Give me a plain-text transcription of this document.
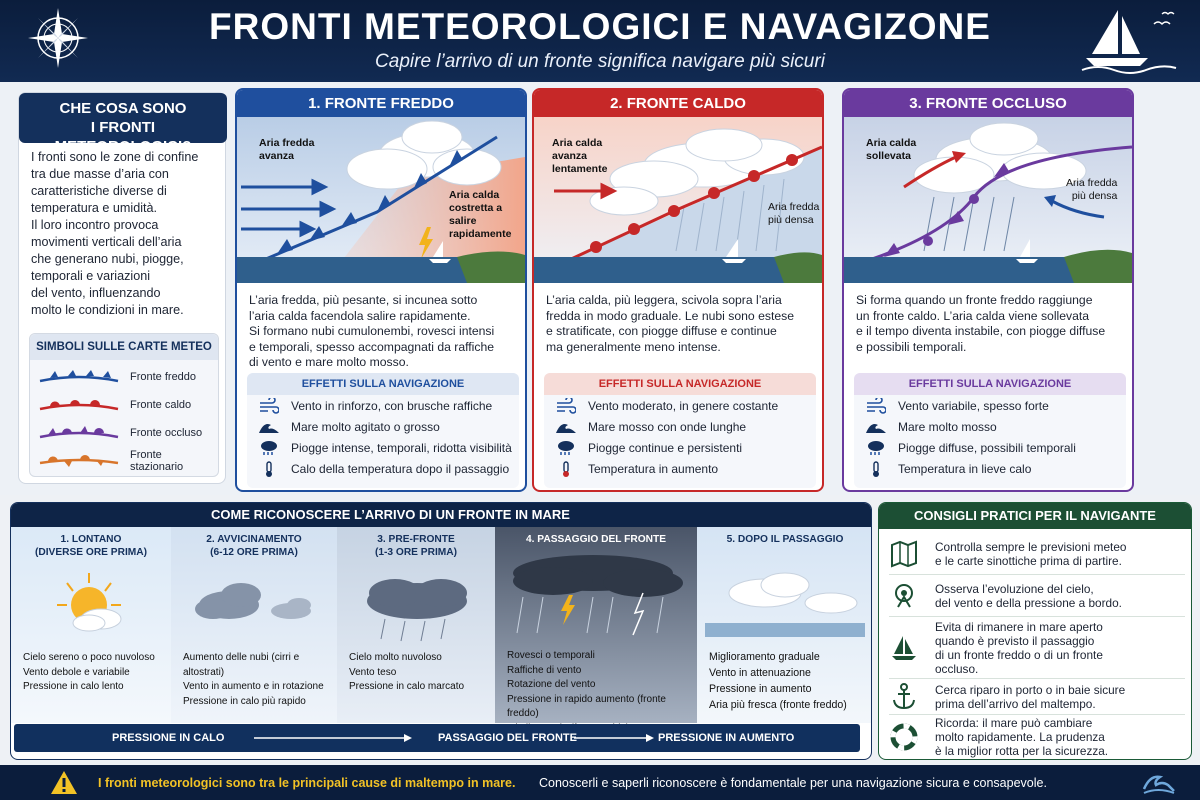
FRONTI METEOROLOGICI E NAVAGIZONE
Capire l’arrivo di un fronte significa navigare più sicuri
CHE COSA SONO
I FRONTI METEOROLOGICI?
I fronti sono le zone di confine
tra due masse d’aria con
caratteristiche diverse di
temperatura e umidità.
Il loro incontro provoca
movimenti verticali dell’aria
che generano nubi, piogge,
temporali e variazioni
del vento, influenzando
molto le condizioni in mare.
SIMBOLI SULLE CARTE METEO
Fronte freddo
Fronte caldo
Fronte occluso
Fronte stazionario
1. FRONTE FREDDO
Aria fredda
avanza
Aria calda
costretta a salire
rapidamente
L’aria fredda, più pesante, si incunea sotto
l’aria calda facendola salire rapidamente.
Si formano nubi cumulonembi, rovesci intensi
e temporali, spesso accompagnati da raffiche
di vento e mare molto mosso.
EFFETTI SULLA NAVIGAZIONE
Vento in rinforzo, con brusche raffiche
Mare molto agitato o grosso
Piogge intense, temporali, ridotta visibilità
Calo della temperatura dopo il passaggio
2. FRONTE CALDO
Aria calda
avanza
lentamente
Aria fredda
più densa
L’aria calda, più leggera, scivola sopra l’aria
fredda in modo graduale. Le nubi sono estese
e stratificate, con piogge diffuse e continue
ma generalmente meno intense.
EFFETTI SULLA NAVIGAZIONE
Vento moderato, in genere costante
Mare mosso con onde lunghe
Piogge continue e persistenti
Temperatura in aumento
3. FRONTE OCCLUSO
Aria calda
sollevata
Aria fredda
più densa
Si forma quando un fronte freddo raggiunge
un fronte caldo. L’aria calda viene sollevata
e il tempo diventa instabile, con piogge diffuse
e possibili temporali.
EFFETTI SULLA NAVIGAZIONE
Vento variabile, spesso forte
Mare molto mosso
Piogge diffuse, possibili temporali
Temperatura in lieve calo
COME RICONOSCERE L’ARRIVO DI UN FRONTE IN MARE
1. LONTANO
(DIVERSE ORE PRIMA)
Cielo sereno o poco nuvoloso
Vento debole e variabile
Pressione in calo lento
2. AVVICINAMENTO
(6-12 ORE PRIMA)
Aumento delle nubi (cirri e altostrati)
Vento in aumento e in rotazione
Pressione in calo più rapido
3. PRE-FRONTE
(1-3 ORE PRIMA)
Cielo molto nuvoloso
Vento teso
Pressione in calo marcato
4. PASSAGGIO DEL FRONTE
Rovesci o temporali
Raffiche di vento
Rotazione del vento
Pressione in rapido aumento (fronte freddo)
5. DOPO IL PASSAGGIO
Miglioramento graduale
Vento in attenuazione
Pressione in aumento
Aria più fresca (fronte freddo)
PRESSIONE IN CALO	PASSAGGIO DEL FRONTE	PRESSIONE IN AUMENTO
CONSIGLI PRATICI PER IL NAVIGANTE
Controlla sempre le previsioni meteo
e le carte sinottiche prima di partire.
Osserva l’evoluzione del cielo,
del vento e della pressione a bordo.
Evita di rimanere in mare aperto
quando è previsto il passaggio
di un fronte freddo o di un fronte
occluso.
Cerca riparo in porto o in baie sicure
prima dell’arrivo del maltempo.
Ricorda: il mare può cambiare
molto rapidamente. La prudenza
è la miglior rotta per la sicurezza.
I fronti meteorologici sono tra le principali cause di maltempo in mare. Conoscerli e saperli riconoscere è fondamentale per una navigazione sicura e consapevole.
